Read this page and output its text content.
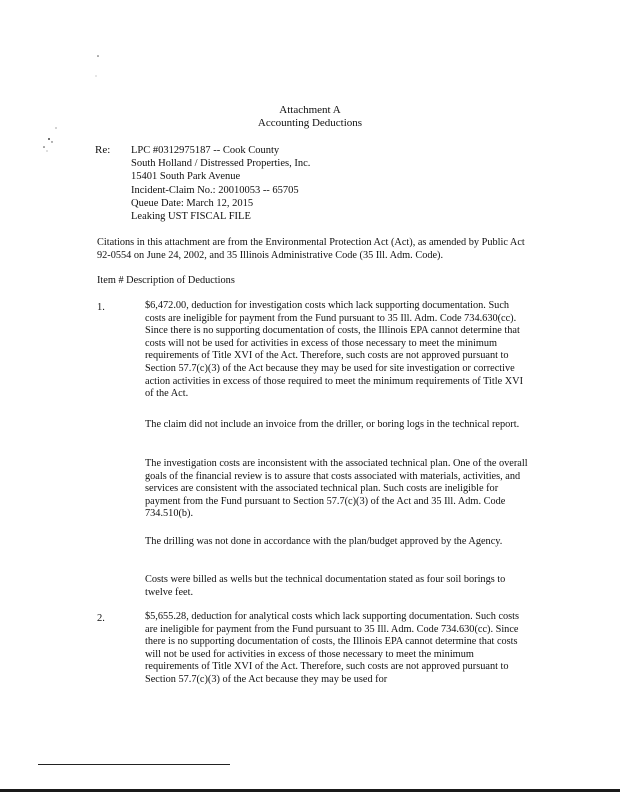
Attachment A
Accounting Deductions
Re: LPC #0312975187 -- Cook County
South Holland / Distressed Properties, Inc.
15401 South Park Avenue
Incident-Claim No.: 20010053 -- 65705
Queue Date: March 12, 2015
Leaking UST FISCAL FILE
Citations in this attachment are from the Environmental Protection Act (Act), as amended by Public Act 92-0554 on June 24, 2002, and 35 Illinois Administrative Code (35 Ill. Adm. Code).
Item # Description of Deductions
1.	$6,472.00, deduction for investigation costs which lack supporting documentation. Such costs are ineligible for payment from the Fund pursuant to 35 Ill. Adm. Code 734.630(cc). Since there is no supporting documentation of costs, the Illinois EPA cannot determine that costs will not be used for activities in excess of those necessary to meet the minimum requirements of Title XVI of the Act. Therefore, such costs are not approved pursuant to Section 57.7(c)(3) of the Act because they may be used for site investigation or corrective action activities in excess of those required to meet the minimum requirements of Title XVI of the Act.
The claim did not include an invoice from the driller, or boring logs in the technical report.
The investigation costs are inconsistent with the associated technical plan. One of the overall goals of the financial review is to assure that costs associated with materials, activities, and services are consistent with the associated technical plan. Such costs are ineligible for payment from the Fund pursuant to Section 57.7(c)(3) of the Act and 35 Ill. Adm. Code 734.510(b).
The drilling was not done in accordance with the plan/budget approved by the Agency.
Costs were billed as wells but the technical documentation stated as four soil borings to twelve feet.
2.	$5,655.28, deduction for analytical costs which lack supporting documentation. Such costs are ineligible for payment from the Fund pursuant to 35 Ill. Adm. Code 734.630(cc). Since there is no supporting documentation of costs, the Illinois EPA cannot determine that costs will not be used for activities in excess of those necessary to meet the minimum requirements of Title XVI of the Act. Therefore, such costs are not approved pursuant to Section 57.7(c)(3) of the Act because they may be used for
